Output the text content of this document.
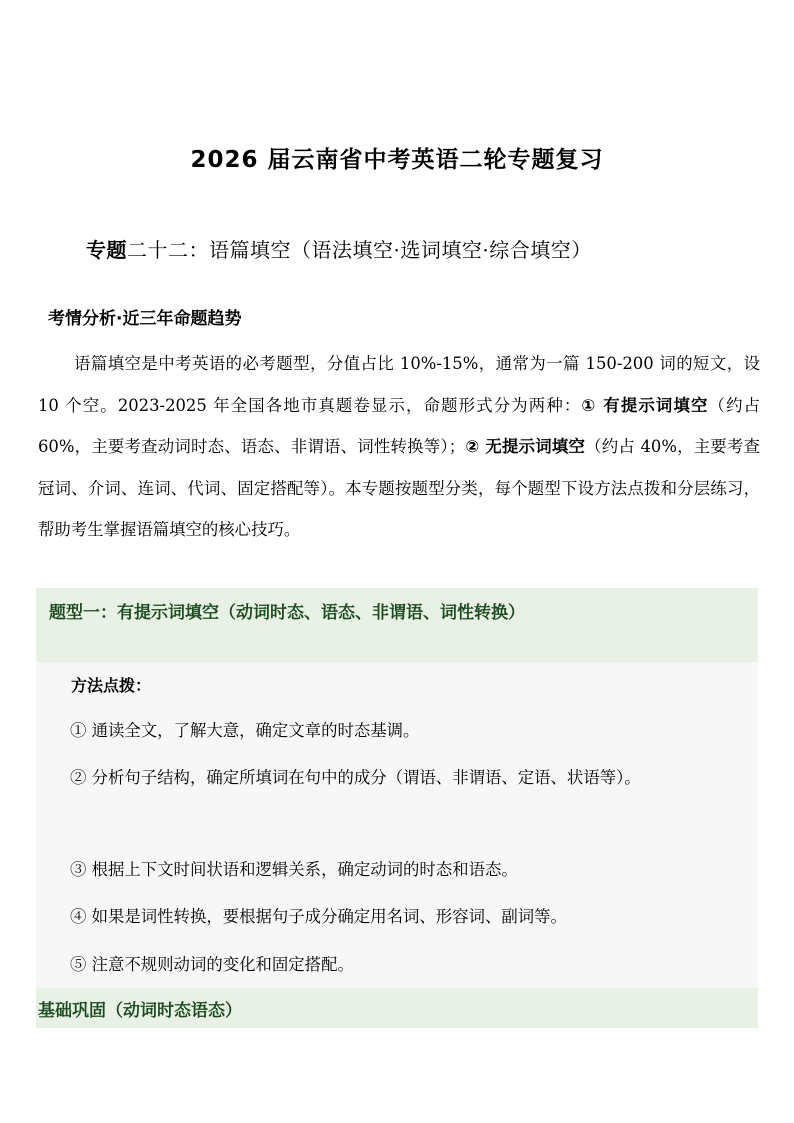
2026 届云南省中考英语二轮专题复习
专题二十二：语篇填空（语法填空·选词填空·综合填空）
考情分析·近三年命题趋势

语篇填空是中考英语的必考题型，分值占比 10%-15%，通常为一篇 150-200 词的短文，设 10 个空。2023-2025 年全国各地市真题卷显示，命题形式分为两种：① 有提示词填空（约占 60%，主要考查动词时态、语态、非谓语、词性转换等）；② 无提示词填空（约占 40%，主要考查冠词、介词、连词、代词、固定搭配等）。本专题按题型分类，每个题型下设方法点拨和分层练习，帮助考生掌握语篇填空的核心技巧。

题型一：有提示词填空（动词时态、语态、非谓语、词性转换）
方法点拨：

① 通读全文，了解大意，确定文章的时态基调。

② 分析句子结构，确定所填词在句中的成分（谓语、非谓语、定语、状语等）。

③ 根据上下文时间状语和逻辑关系，确定动词的时态和语态。

④ 如果是词性转换，要根据句子成分确定用名词、形容词、副词等。

⑤ 注意不规则动词的变化和固定搭配。

基础巩固（动词时态语态）
